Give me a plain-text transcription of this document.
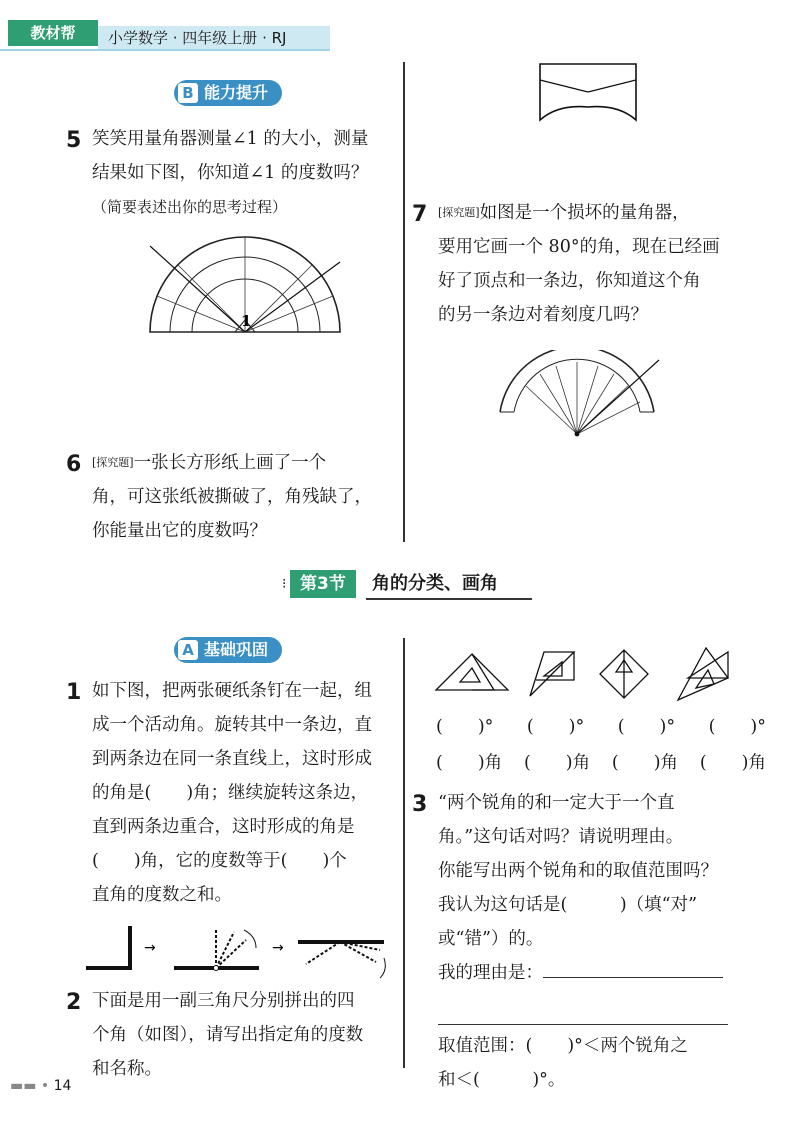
教材帮	小学数学 · 四年级上册 · RJ
B 能力提升
5 笑笑用量角器测量∠1 的大小，测量
结果如下图，你知道∠1 的度数吗？
（简要表述出你的思考过程）
1
6 [探究题]一张长方形纸上画了一个
角，可这张纸被撕破了，角残缺了，
你能量出它的度数吗？
7 [探究题]如图是一个损坏的量角器，
要用它画一个 80°的角，现在已经画
好了顶点和一条边，你知道这个角
的另一条边对着刻度几吗？
⁝ 第3节	角的分类、画角
A 基础巩固
1 如下图，把两张硬纸条钉在一起，组
成一个活动角。旋转其中一条边，直
到两条边在同一条直线上，这时形成
的角是(　　)角；继续旋转这条边，
直到两条边重合，这时形成的角是
(　　)角，它的度数等于(　　)个
直角的度数之和。
→	→
2 下面是用一副三角尺分别拼出的四
个角（如图），请写出指定角的度数
和名称。
(　　)° (　　)° (　　)° (　　)°
(　　)角 (　　)角 (　　)角 (　　)角
3 “两个锐角的和一定大于一个直
角。”这句话对吗？请说明理由。
你能写出两个锐角和的取值范围吗？
我认为这句话是(　　　)（填“对”
或“错”）的。
我的理由是：
取值范围：(　　)°＜两个锐角之
和＜(　　　)°。
▬▬ • 14
